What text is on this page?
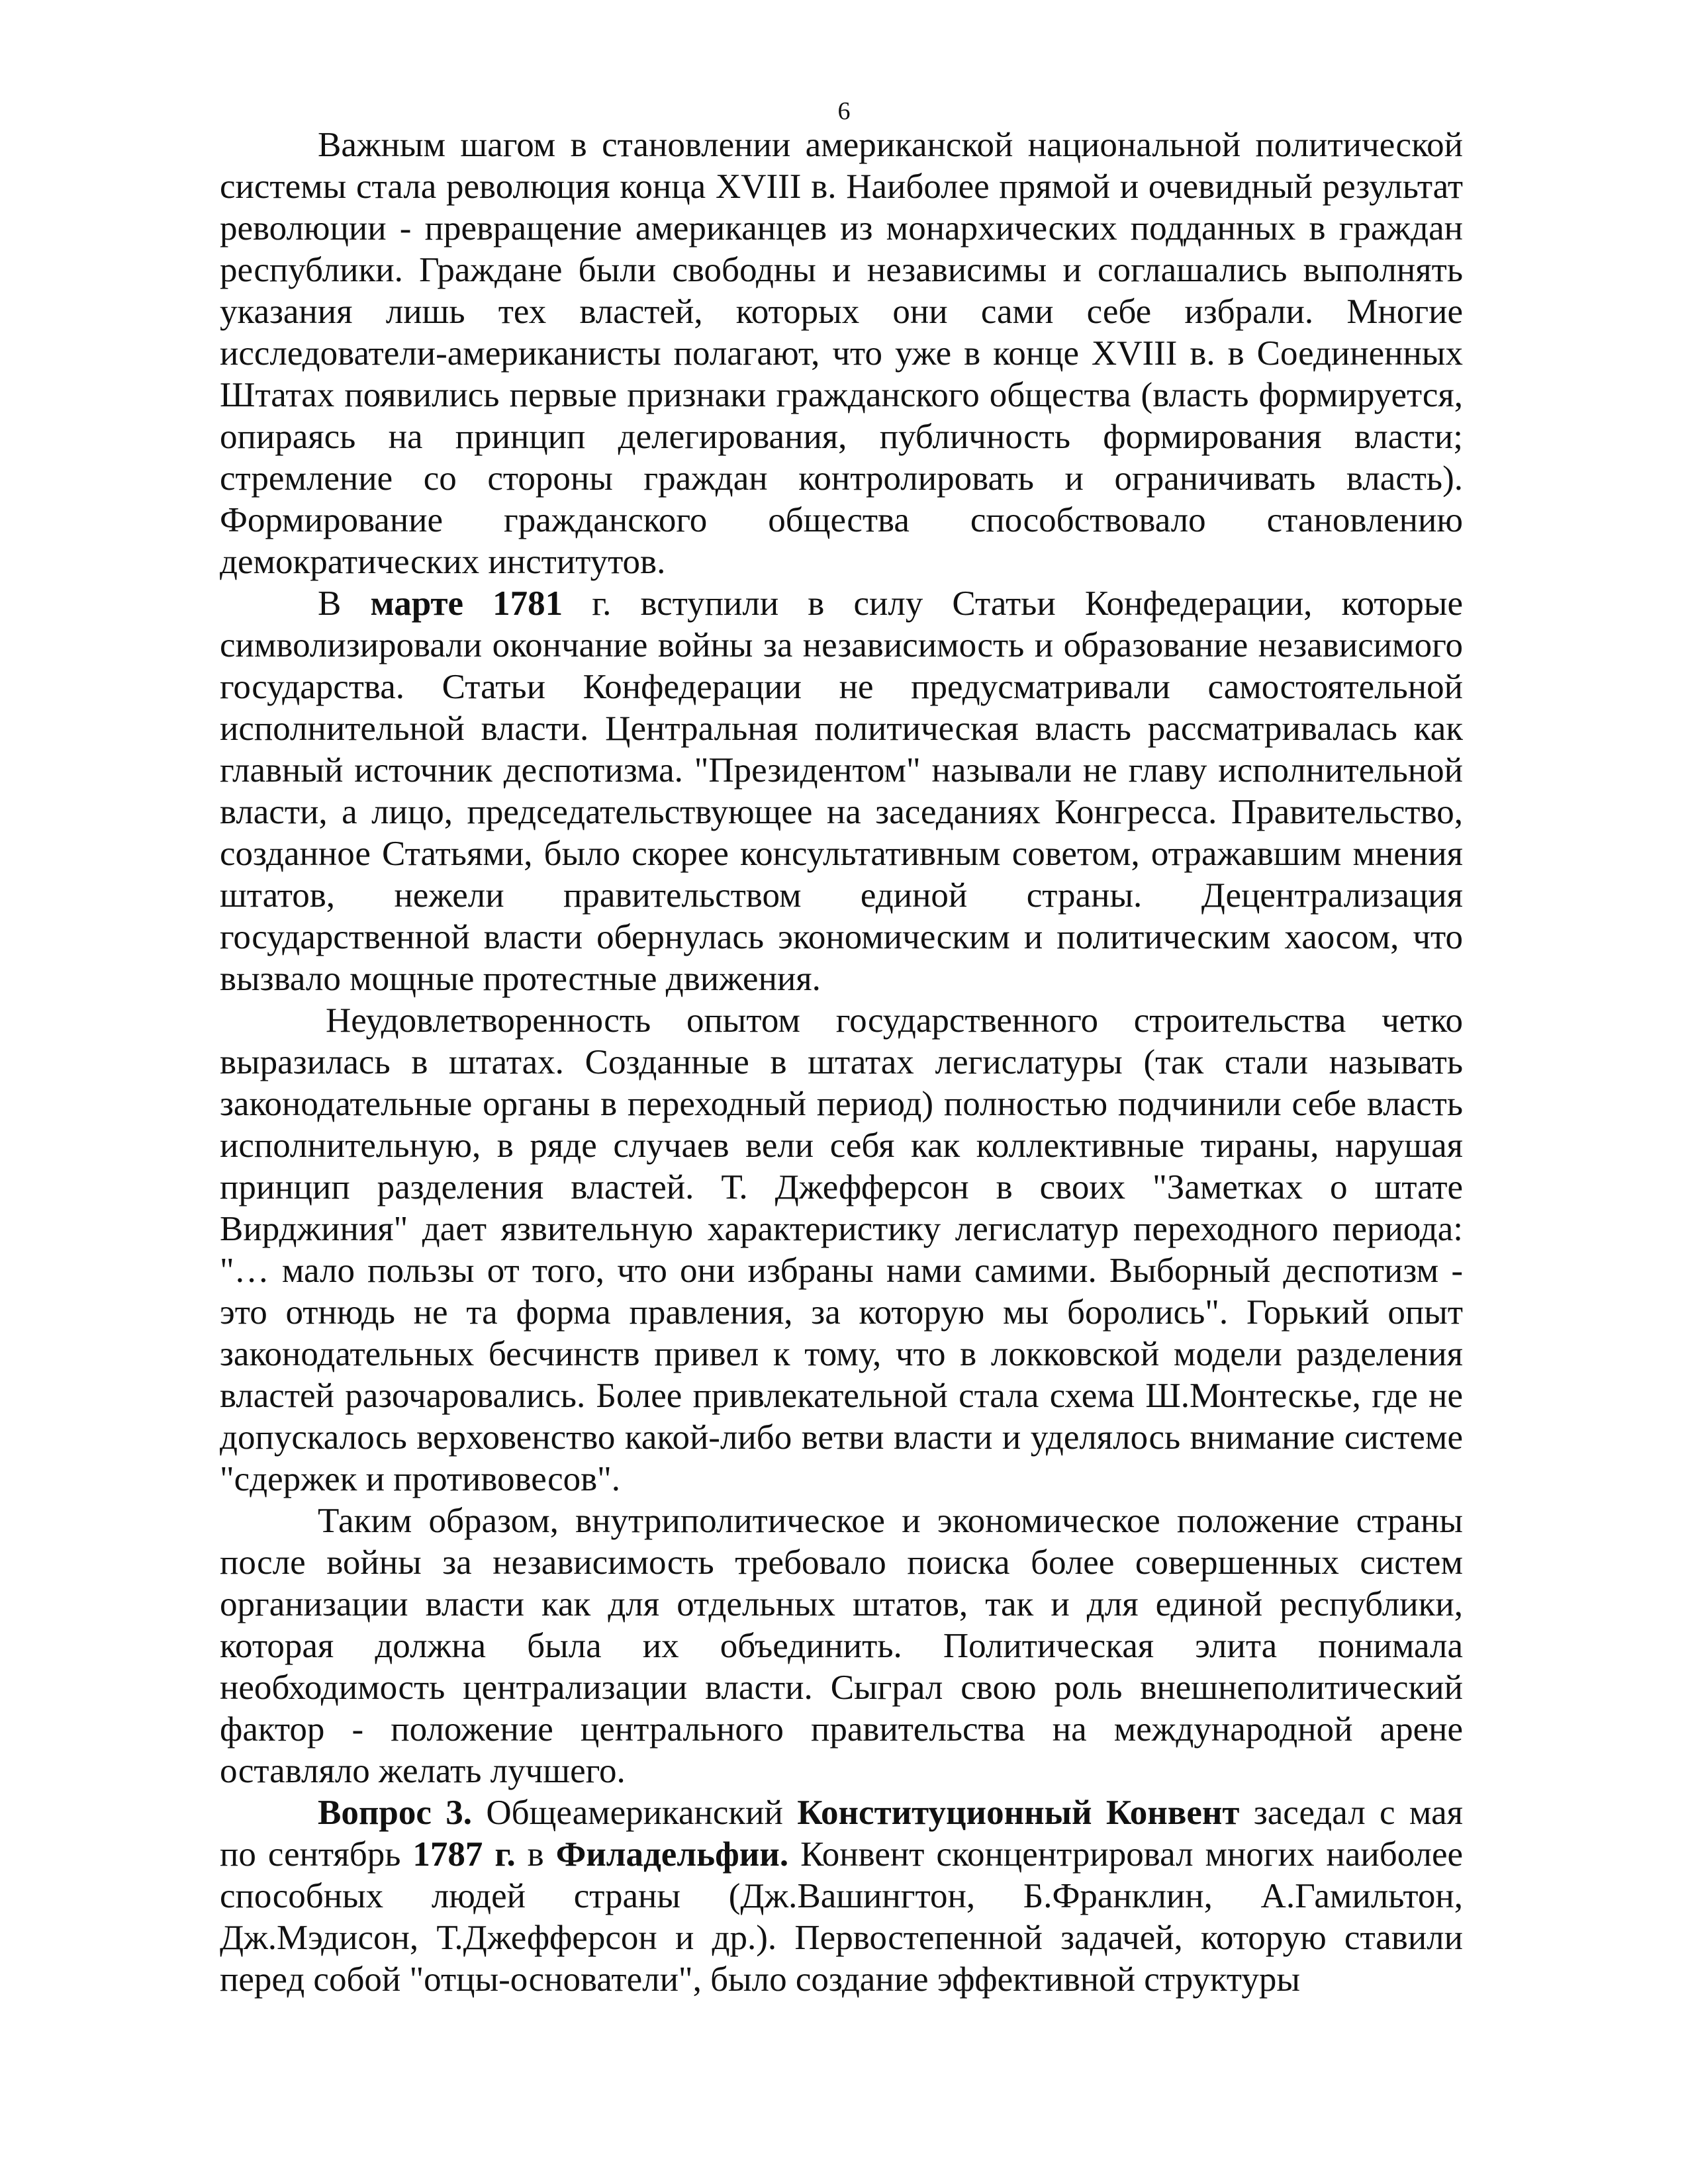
6

Важным шагом в становлении американской национальной политической системы стала революция конца XVIII в. Наиболее прямой и очевидный результат революции - превращение американцев из монархических подданных в граждан республики. Граждане были свободны и независимы и соглашались выполнять указания лишь тех властей, которых они сами себе избрали. Многие исследователи-американисты полагают, что уже в конце XVIII в. в Соединенных Штатах появились первые признаки гражданского общества (власть формируется, опираясь на принцип делегирования, публичность формирования власти; стремление со стороны граждан контролировать и ограничивать власть). Формирование гражданского общества способствовало становлению демократических институтов.

В марте 1781 г. вступили в силу Статьи Конфедерации, которые символизировали окончание войны за независимость и образование независимого государства. Статьи Конфедерации не предусматривали самостоятельной исполнительной власти. Центральная политическая власть рассматривалась как главный источник деспотизма. "Президентом" называли не главу исполнительной власти, а лицо, председательствующее на заседаниях Конгресса. Правительство, созданное Статьями, было скорее консультативным советом, отражавшим мнения штатов, нежели правительством единой страны. Децентрализация государственной власти обернулась экономическим и политическим хаосом, что вызвало мощные протестные движения.

Неудовлетворенность опытом государственного строительства четко выразилась в штатах. Созданные в штатах легислатуры (так стали называть законодательные органы в переходный период) полностью подчинили себе власть исполнительную, в ряде случаев вели себя как коллективные тираны, нарушая принцип разделения властей. Т. Джефферсон в своих "Заметках о штате Вирджиния" дает язвительную характеристику легислатур переходного периода: "… мало пользы от того, что они избраны нами самими. Выборный деспотизм - это отнюдь не та форма правления, за которую мы боролись". Горький опыт законодательных бесчинств привел к тому, что в локковской модели разделения властей разочаровались. Более привлекательной стала схема Ш.Монтескье, где не допускалось верховенство какой-либо ветви власти и уделялось внимание системе "сдержек и противовесов".

Таким образом, внутриполитическое и экономическое положение страны после войны за независимость требовало поиска более совершенных систем организации власти как для отдельных штатов, так и для единой республики, которая должна была их объединить. Политическая элита понимала необходимость централизации власти. Сыграл свою роль внешнеполитический фактор - положение центрального правительства на международной арене оставляло желать лучшего.

Вопрос 3. Общеамериканский Конституционный Конвент заседал с мая по сентябрь 1787 г. в Филадельфии. Конвент сконцентрировал многих наиболее способных людей страны (Дж.Вашингтон, Б.Франклин, А.Гамильтон, Дж.Мэдисон, Т.Джефферсон и др.). Первостепенной задачей, которую ставили перед собой "отцы-основатели", было создание эффективной структуры
